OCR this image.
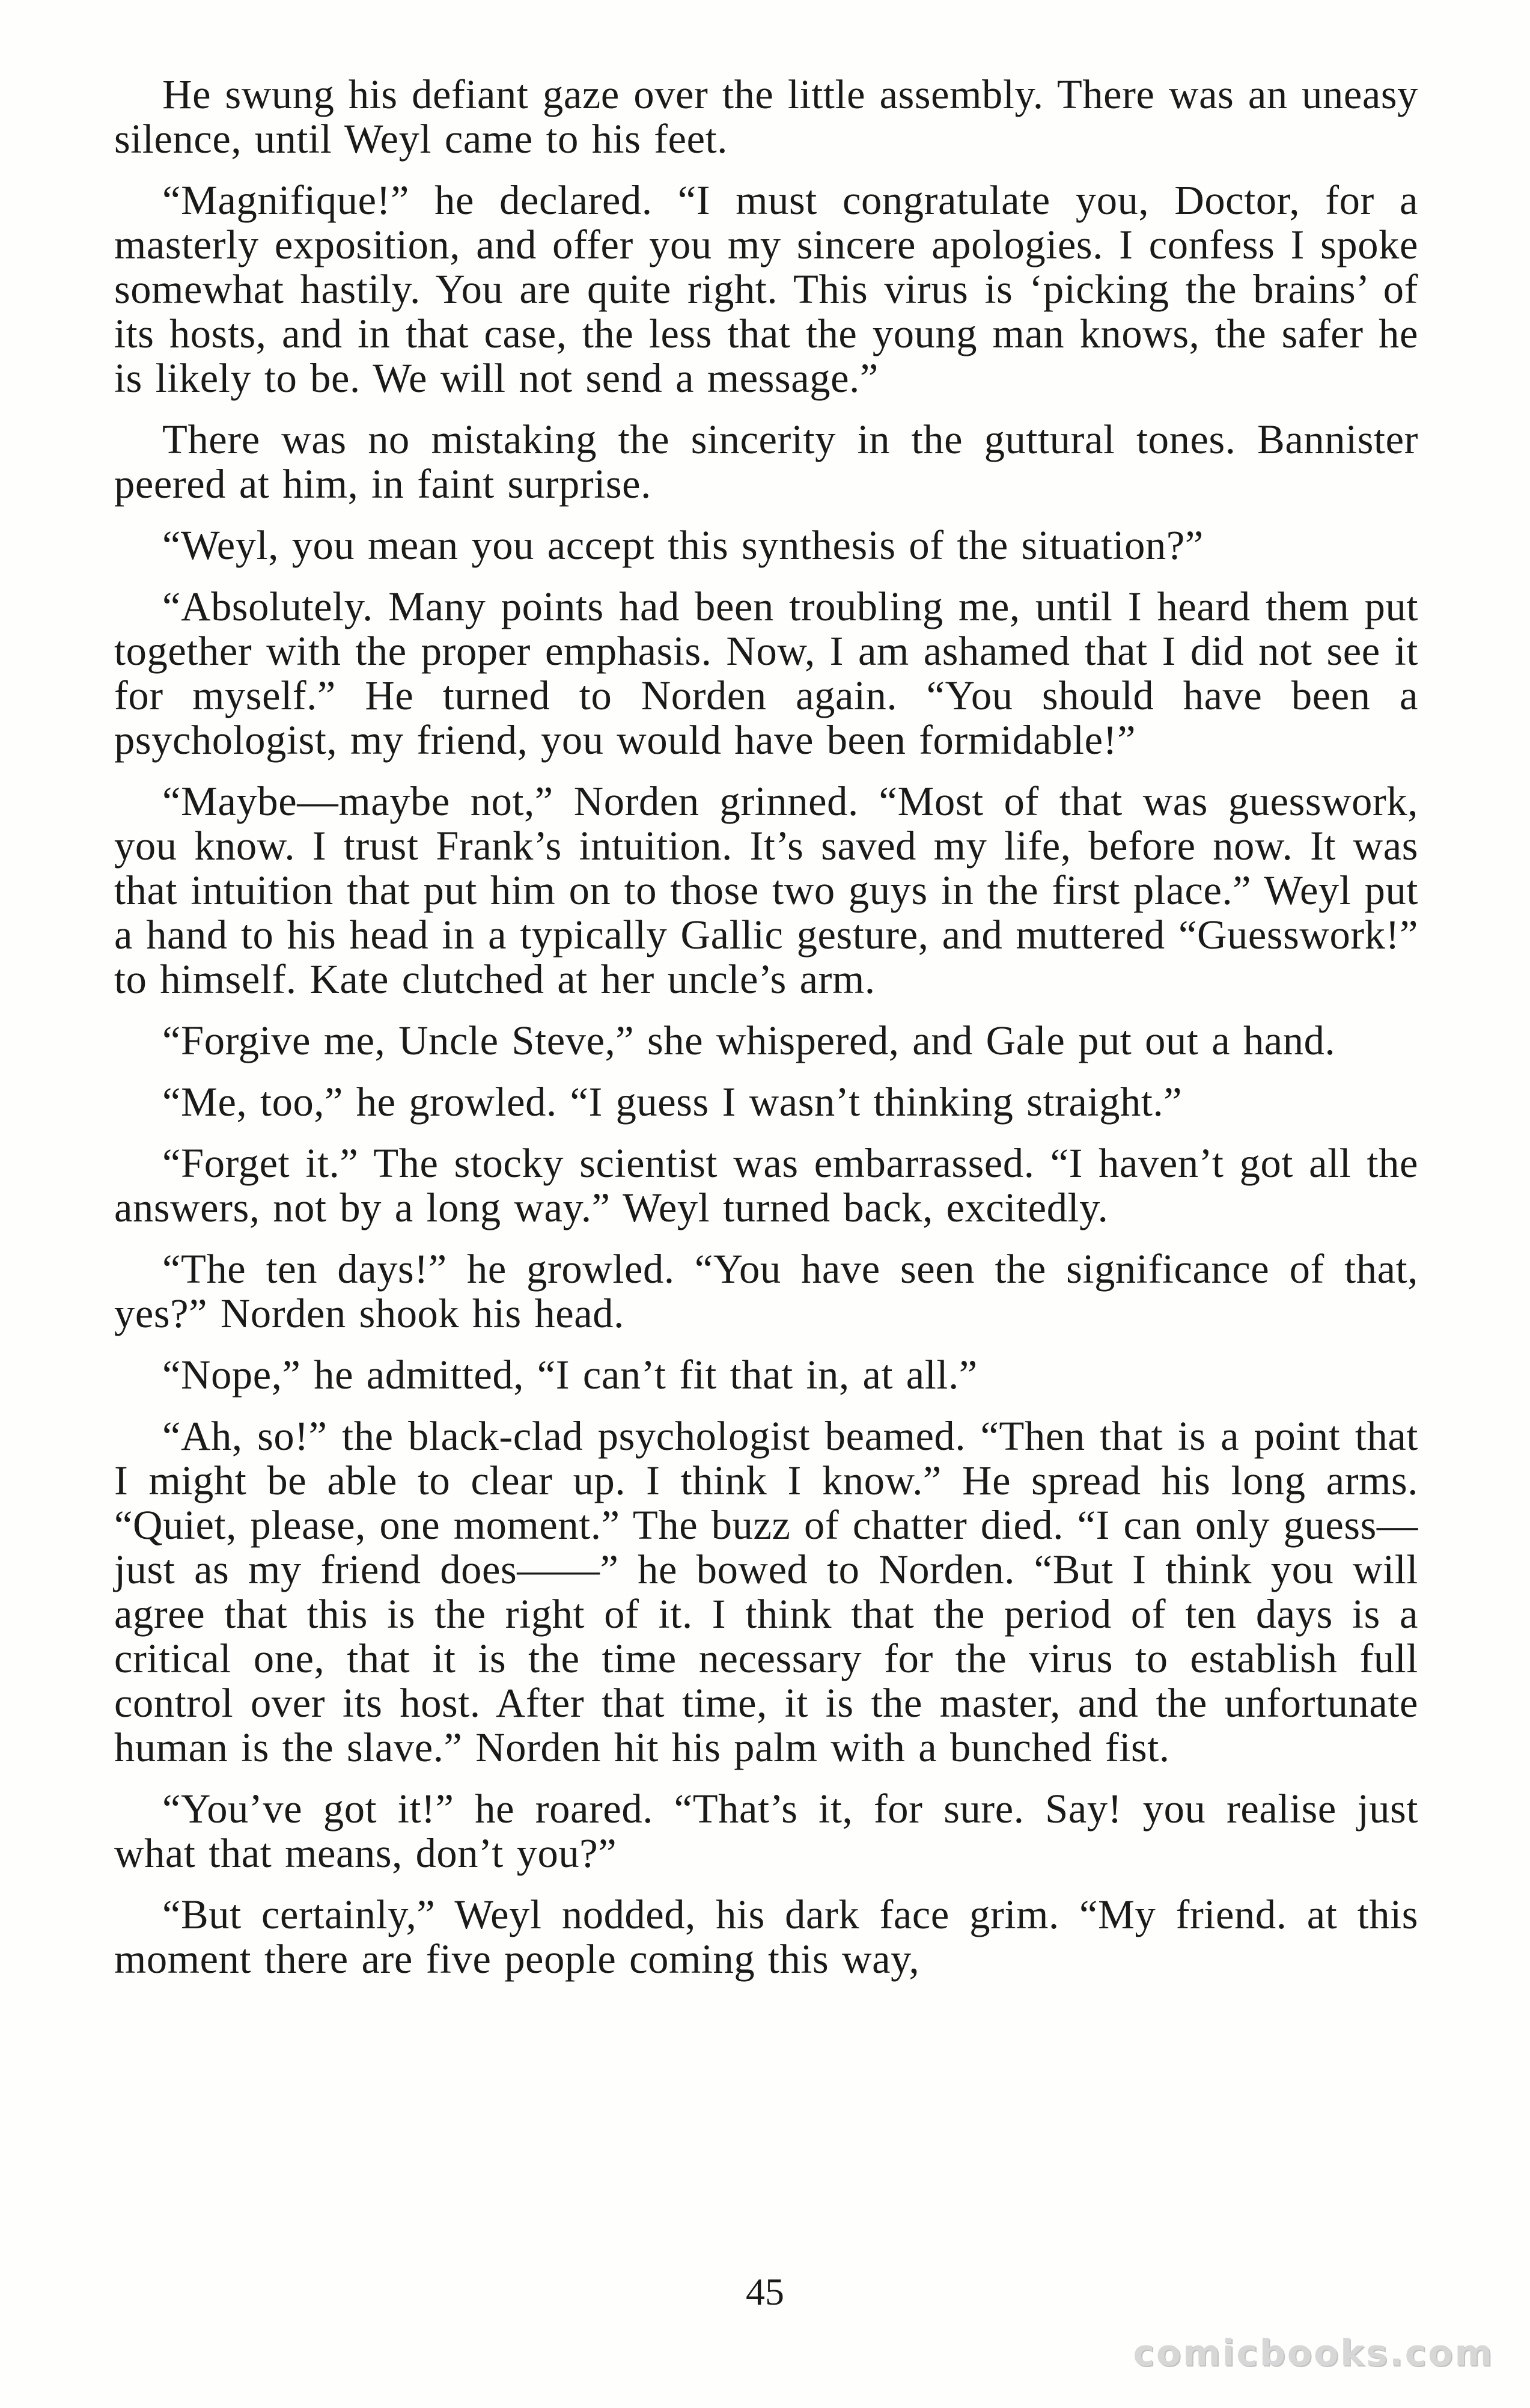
He swung his defiant gaze over the little assembly. There was an uneasy silence, until Weyl came to his feet.

“Magnifique!” he declared. “I must congratulate you, Doctor, for a masterly exposition, and offer you my sincere apologies. I confess I spoke somewhat hastily. You are quite right. This virus is ‘picking the brains’ of its hosts, and in that case, the less that the young man knows, the safer he is likely to be. We will not send a message.”

There was no mistaking the sincerity in the guttural tones. Bannister peered at him, in faint surprise.

“Weyl, you mean you accept this synthesis of the situation?”

“Absolutely. Many points had been troubling me, until I heard them put together with the proper emphasis. Now, I am ashamed that I did not see it for myself.” He turned to Norden again. “You should have been a psychologist, my friend, you would have been formidable!”

“Maybe—maybe not,” Norden grinned. “Most of that was guesswork, you know. I trust Frank’s intuition. It’s saved my life, before now. It was that intuition that put him on to those two guys in the first place.” Weyl put a hand to his head in a typically Gallic gesture, and muttered “Guesswork!” to himself. Kate clutched at her uncle’s arm.

“Forgive me, Uncle Steve,” she whispered, and Gale put out a hand.

“Me, too,” he growled. “I guess I wasn’t thinking straight.”

“Forget it.” The stocky scientist was embarrassed. “I haven’t got all the answers, not by a long way.” Weyl turned back, excitedly.

“The ten days!” he growled. “You have seen the significance of that, yes?” Norden shook his head.

“Nope,” he admitted, “I can’t fit that in, at all.”

“Ah, so!” the black-clad psychologist beamed. “Then that is a point that I might be able to clear up. I think I know.” He spread his long arms. “Quiet, please, one moment.” The buzz of chatter died. “I can only guess—just as my friend does——” he bowed to Norden. “But I think you will agree that this is the right of it. I think that the period of ten days is a critical one, that it is the time necessary for the virus to establish full control over its host. After that time, it is the master, and the unfortunate human is the slave.” Norden hit his palm with a bunched fist.

“You’ve got it!” he roared. “That’s it, for sure. Say! you realise just what that means, don’t you?”

“But certainly,” Weyl nodded, his dark face grim. “My friend. at this moment there are five people coming this way,

45
comicbooks.com
